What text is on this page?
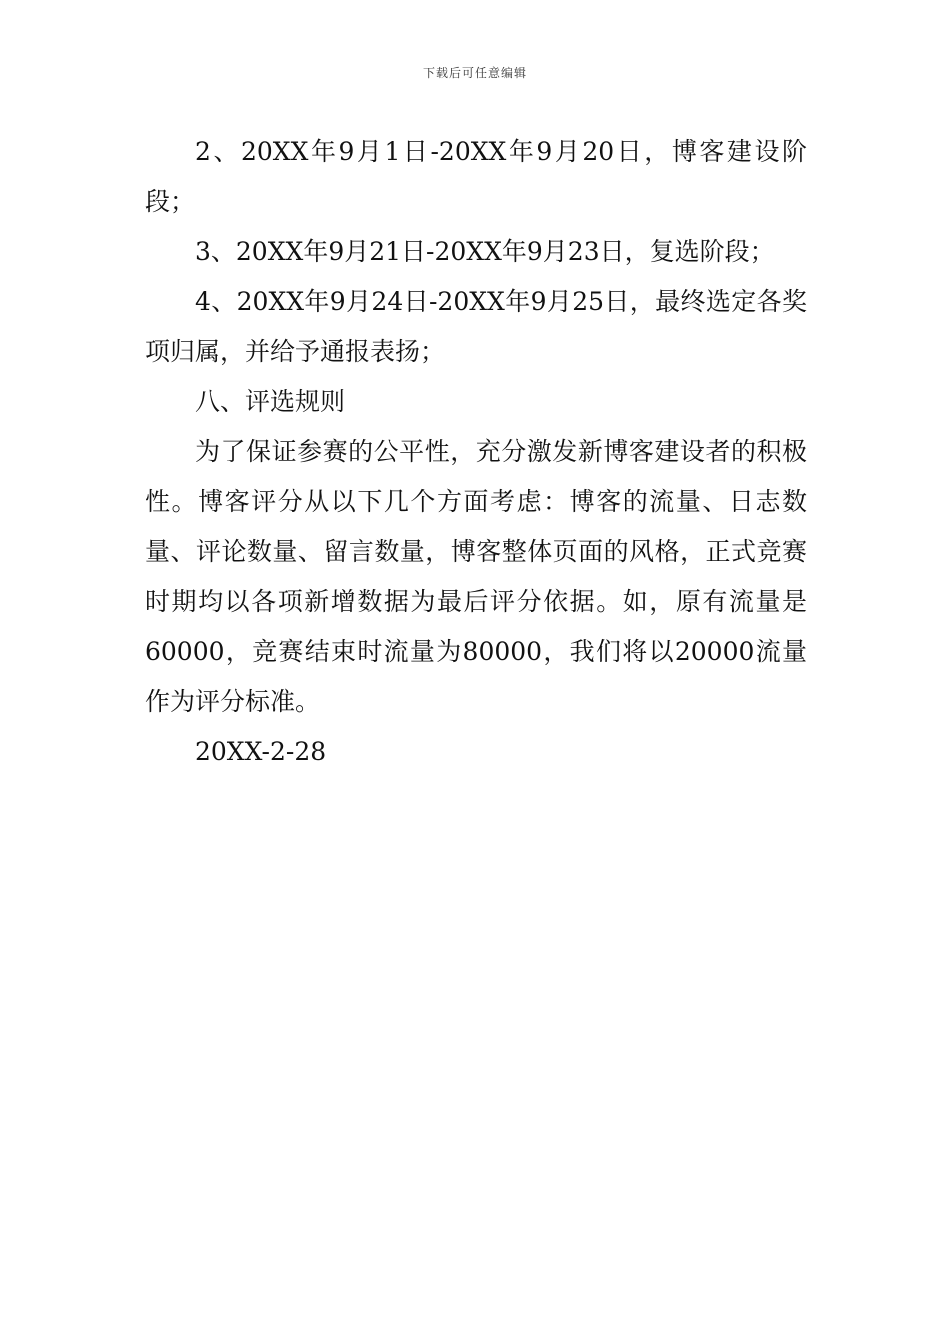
下载后可任意编辑

2、20XX年9月1日-20XX年9月20日，博客建设阶段；

3、20XX年9月21日-20XX年9月23日，复选阶段；

4、20XX年9月24日-20XX年9月25日，最终选定各奖项归属，并给予通报表扬；

八、评选规则

为了保证参赛的公平性，充分激发新博客建设者的积极性。博客评分从以下几个方面考虑：博客的流量、日志数量、评论数量、留言数量，博客整体页面的风格，正式竞赛时期均以各项新增数据为最后评分依据。如，原有流量是60000，竞赛结束时流量为80000，我们将以20000流量作为评分标准。

20XX-2-28
